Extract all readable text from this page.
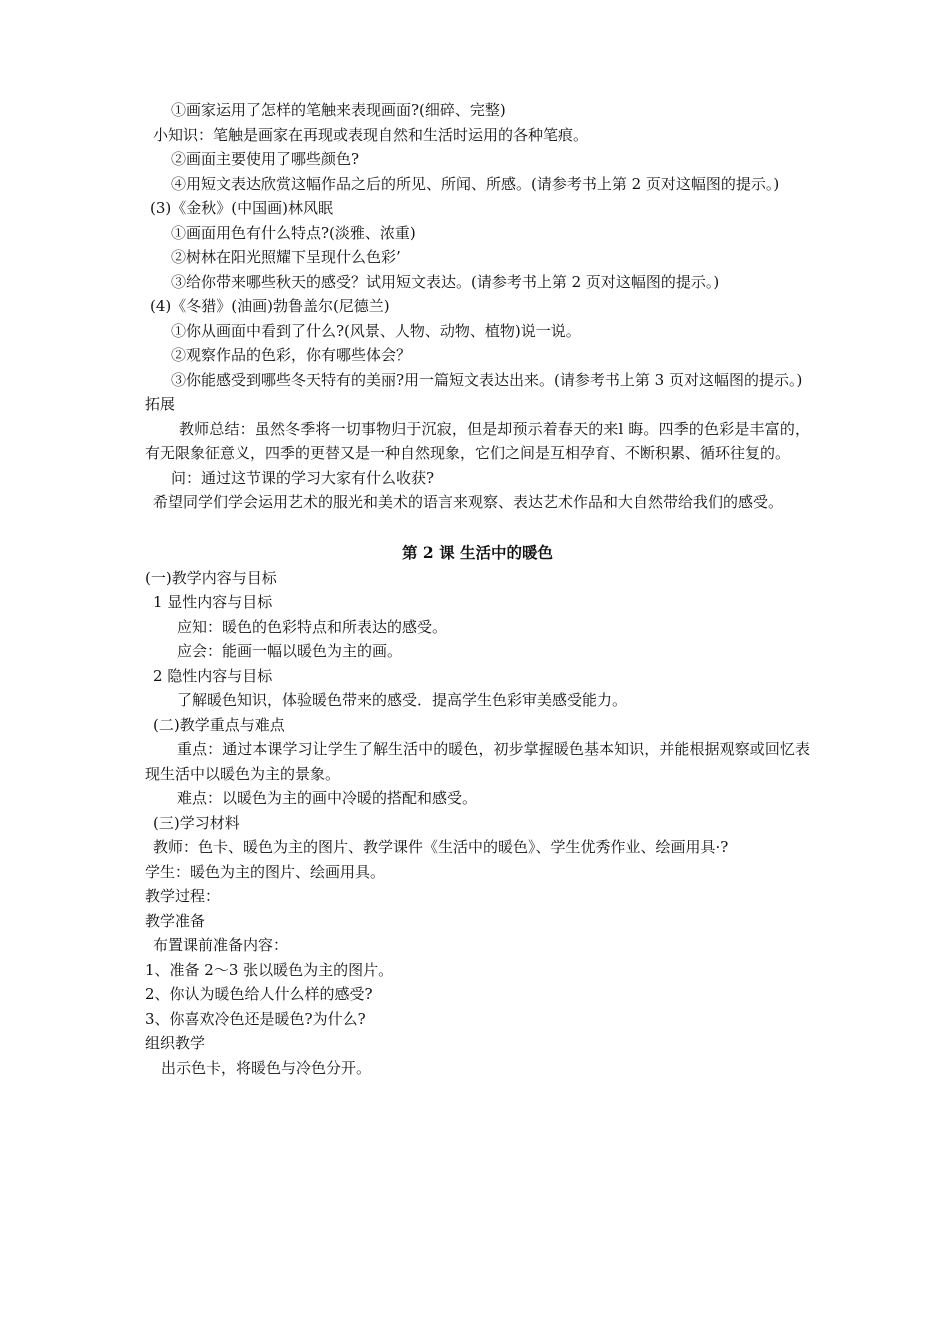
①画家运用了怎样的笔触来表现画面?(细碎、完整)
小知识：笔触是画家在再现或表现自然和生活时运用的各种笔痕。
②画面主要使用了哪些颜色?
④用短文表达欣赏这幅作品之后的所见、所闻、所感。(请参考书上第 2 页对这幅图的提示。)
(3)《金秋》(中国画)林风眠
①画面用色有什么特点?(淡雅、浓重)
②树林在阳光照耀下呈现什么色彩’
③给你带来哪些秋天的感受？试用短文表达。(请参考书上第 2 页对这幅图的提示。)
(4)《冬猎》(油画)勃鲁盖尔(尼德兰)
①你从画面中看到了什么?(风景、人物、动物、植物)说一说。
②观察作品的色彩，你有哪些体会？
③你能感受到哪些冬天特有的美丽?用一篇短文表达出来。(请参考书上第 3 页对这幅图的提示。)
拓展
教师总结：虽然冬季将一切事物归于沉寂，但是却预示着春天的来l 晦。四季的色彩是丰富的，有无限象征意义，四季的更替又是一种自然现象，它们之间是互相孕育、不断积累、循环往复的。
问：通过这节课的学习大家有什么收获?
希望同学们学会运用艺术的服光和美术的语言来观察、表达艺术作品和大自然带给我们的感受。
第 2 课 生活中的暖色
(一)教学内容与目标
1 显性内容与目标
应知：暖色的色彩特点和所表达的感受。
应会：能画一幅以暖色为主的画。
2 隐性内容与目标
了解暖色知识，体验暖色带来的感受．提高学生色彩审美感受能力。
(二)教学重点与难点
重点：通过本课学习让学生了解生活中的暖色，初步掌握暖色基本知识，并能根据观察或回忆表现生活中以暖色为主的景象。
难点：以暖色为主的画中冷暖的搭配和感受。
(三)学习材料
教师：色卡、暖色为主的图片、教学课件《生活中的暖色》、学生优秀作业、绘画用具·?
学生：暖色为主的图片、绘画用具。
教学过程：
教学准备
布置课前准备内容：
1、准备 2～3 张以暖色为主的图片。
2、你认为暖色给人什么样的感受?
3、你喜欢冷色还是暖色?为什么?
组织教学
出示色卡，将暖色与冷色分开。
